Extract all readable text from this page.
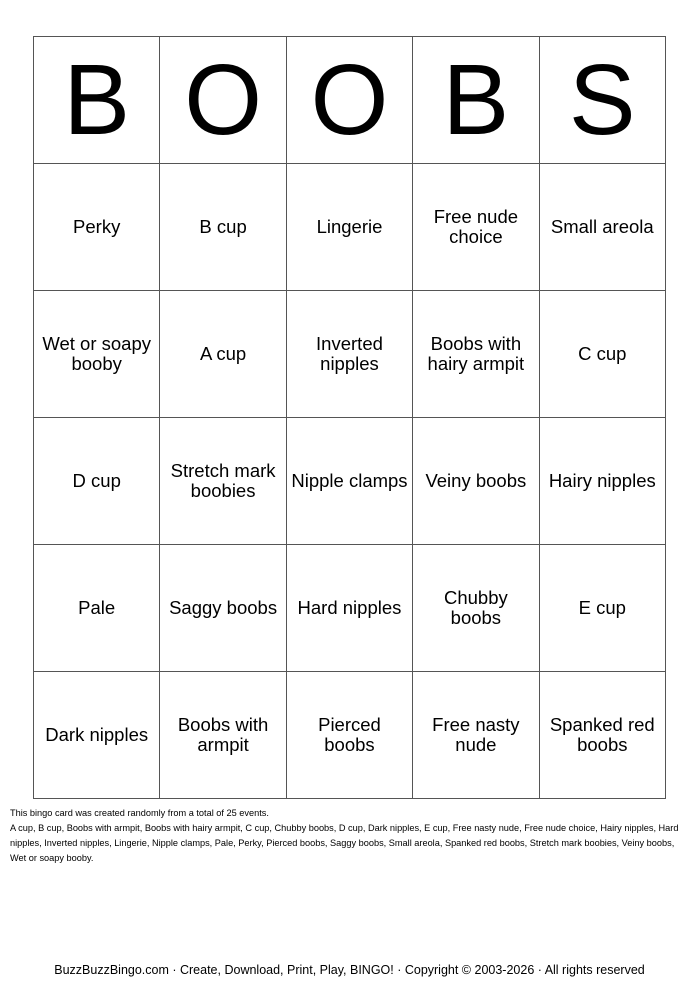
B	O	O	B	S
Perky	B cup	Lingerie	Free nude choice	Small areola
Wet or soapy booby	A cup	Inverted nipples	Boobs with hairy armpit	C cup
D cup	Stretch mark boobies	Nipple clamps	Veiny boobs	Hairy nipples
Pale	Saggy boobs	Hard nipples	Chubby boobs	E cup
Dark nipples	Boobs with armpit	Pierced boobs	Free nasty nude	Spanked red boobs

This bingo card was created randomly from a total of 25 events.

A cup, B cup, Boobs with armpit, Boobs with hairy armpit, C cup, Chubby boobs, D cup, Dark nipples, E cup, Free nasty nude, Free nude choice, Hairy nipples, Hard nipples, Inverted nipples, Lingerie, Nipple clamps, Pale, Perky, Pierced boobs, Saggy boobs, Small areola, Spanked red boobs, Stretch mark boobies, Veiny boobs, Wet or soapy booby.

BuzzBuzzBingo.com · Create, Download, Print, Play, BINGO! · Copyright © 2003-2026 · All rights reserved
